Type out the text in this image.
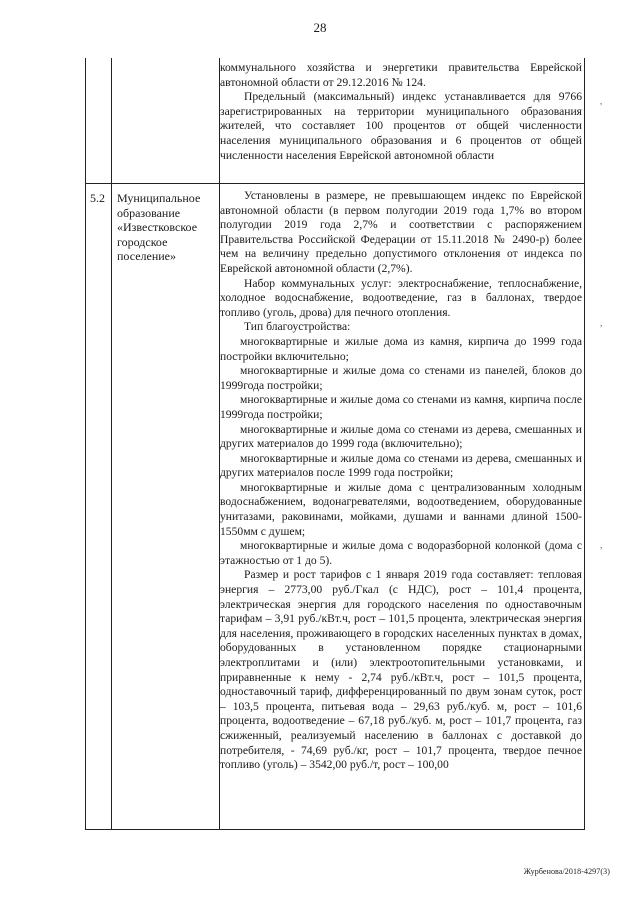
28

коммунального хозяйства и энергетики правительства Еврейской автономной области от 29.12.2016 № 124.

Предельный (максимальный) индекс устанавливается для 9766 зарегистрированных на территории муниципального образования жителей, что составляет 100 процентов от общей численности населения муниципального образования и 6 процентов от общей численности населения Еврейской автономной области

5.2 Муниципальное образование «Известковское городское поселение»

Установлены в размере, не превышающем индекс по Еврейской автономной области (в первом полугодии 2019 года 1,7% во втором полугодии 2019 года 2,7% и соответствии с распоряжением Правительства Российской Федерации от 15.11.2018 № 2490-р) более чем на величину предельно допустимого отклонения от индекса по Еврейской автономной области (2,7%).

Набор коммунальных услуг: электроснабжение, теплоснабжение, холодное водоснабжение, водоотведение, газ в баллонах, твердое топливо (уголь, дрова) для печного отопления.

Тип благоустройства:

многоквартирные и жилые дома из камня, кирпича до 1999 года постройки включительно;

многоквартирные и жилые дома со стенами из панелей, блоков до 1999года постройки;

многоквартирные и жилые дома со стенами из камня, кирпича после 1999года постройки;

многоквартирные и жилые дома со стенами из дерева, смешанных и других материалов до 1999 года (включительно);

многоквартирные и жилые дома со стенами из дерева, смешанных и других материалов после 1999 года постройки;

многоквартирные и жилые дома с централизованным холодным водоснабжением, водонагревателями, водоотведением, оборудованные унитазами, раковинами, мойками, душами и ваннами длиной 1500-1550мм с душем;

многоквартирные и жилые дома с водоразборной колонкой (дома с этажностью от 1 до 5).

Размер и рост тарифов с 1 января 2019 года составляет: тепловая энергия – 2773,00 руб./Гкал (с НДС), рост – 101,4 процента, электрическая энергия для городского населения по одноставочным тарифам – 3,91 руб./кВт.ч, рост – 101,5 процента, электрическая энергия для населения, проживающего в городских населенных пунктах в домах, оборудованных в установленном порядке стационарными электроплитами и (или) электроотопительными установками, и приравненные к нему - 2,74 руб./кВт.ч, рост – 101,5 процента, одноставочный тариф, дифференцированный по двум зонам суток, рост – 103,5 процента, питьевая вода – 29,63 руб./куб. м, рост – 101,6 процента, водоотведение – 67,18 руб./куб. м, рост – 101,7 процента, газ сжиженный, реализуемый населению в баллонах с доставкой до потребителя, - 74,69 руб./кг, рост – 101,7 процента, твердое печное топливо (уголь) – 3542,00 руб./т, рост – 100,00

,
,
,
Журбенова/2018-4297(3)
